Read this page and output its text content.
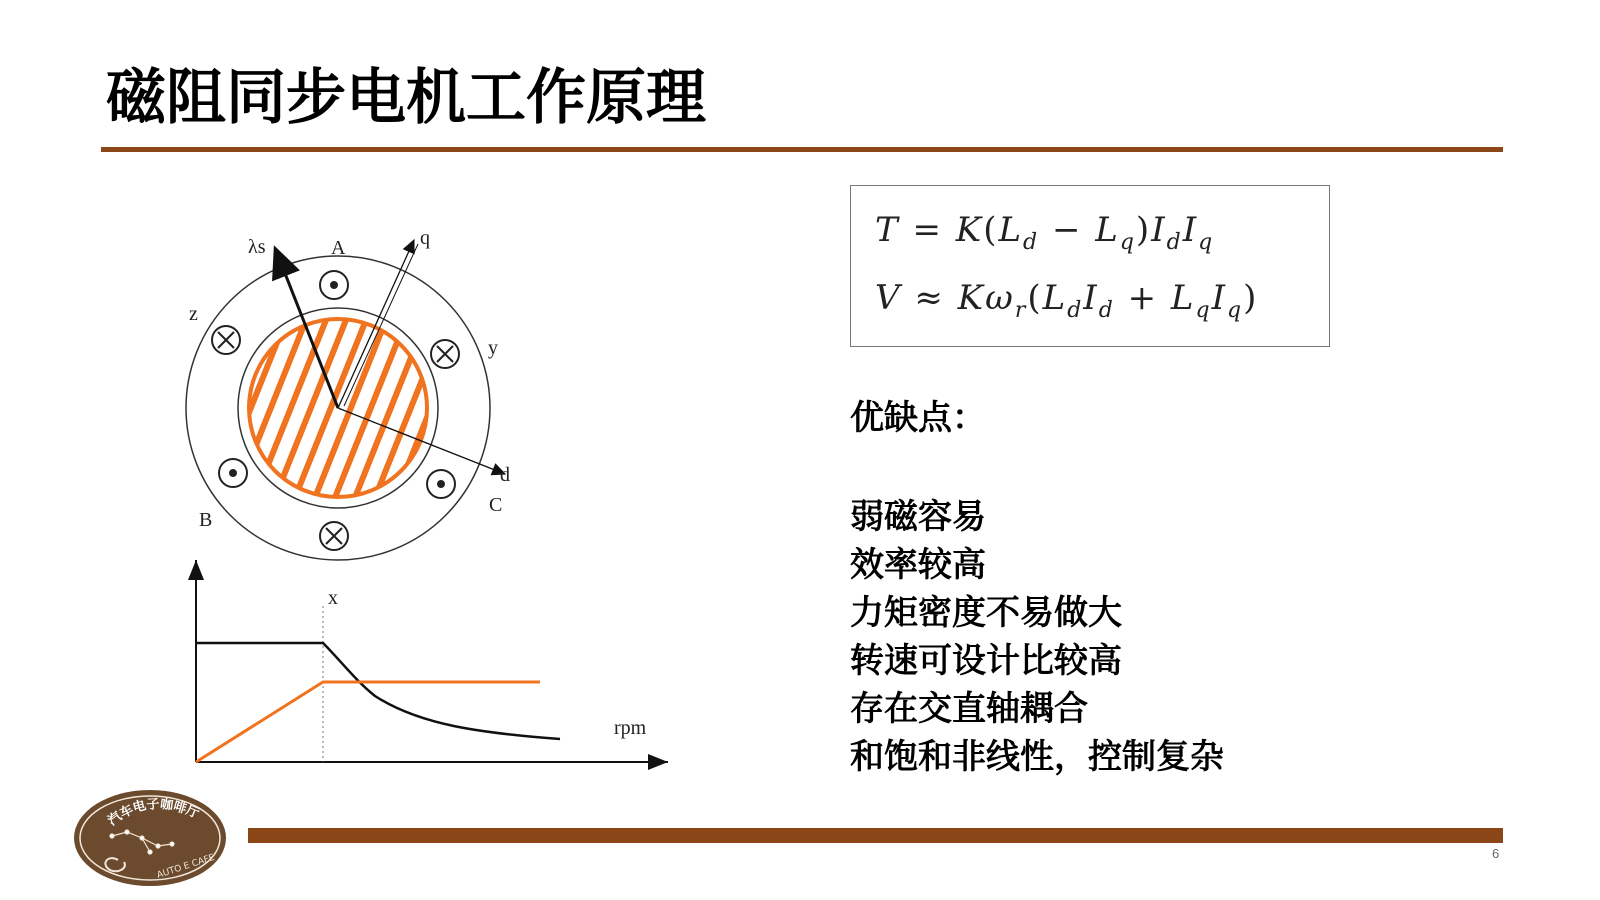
磁阻同步电机工作原理
λs	A	q
z
y
d
B
C
x
rpm
$T = K(L_d - L_q)I_dI_q$
$V \approx K\omega_r(L_dI_d + L_qI_q)$
优缺点：
弱磁容易
效率较高
力矩密度不易做大
转速可设计比较高
存在交直轴耦合
和饱和非线性，控制复杂
6
汽车电子咖啡厅
AUTO E CAFE
